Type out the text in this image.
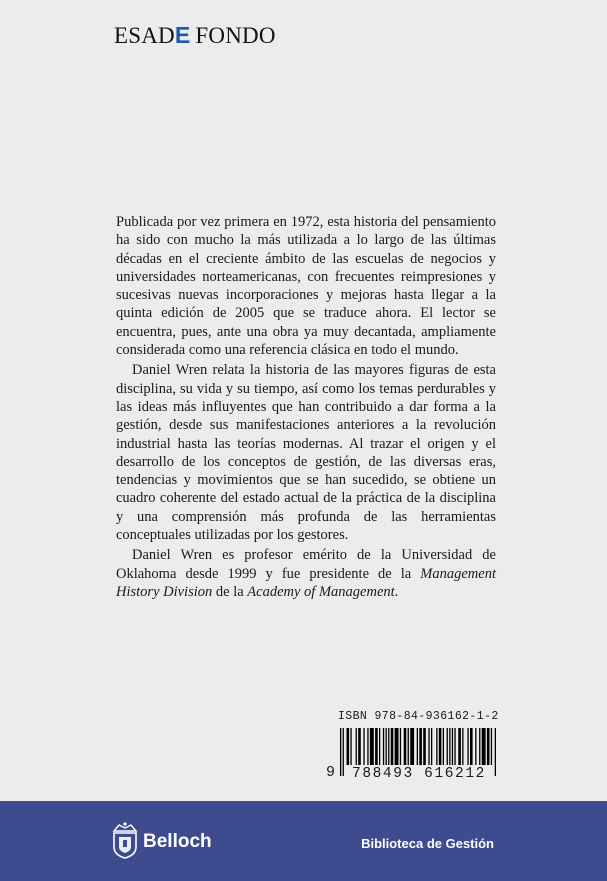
ESADE FONDO

Publicada por vez primera en 1972, esta historia del pensamiento ha sido con mucho la más utilizada a lo largo de las últimas décadas en el creciente ámbito de las escuelas de negocios y universidades norteamericanas, con frecuentes reimpresiones y sucesivas nuevas incorporaciones y mejoras hasta llegar a la quinta edición de 2005 que se traduce ahora. El lector se encuentra, pues, ante una obra ya muy decantada, ampliamente considerada como una referencia clásica en todo el mundo.

Daniel Wren relata la historia de las mayores figuras de esta disciplina, su vida y su tiempo, así como los temas perdurables y las ideas más influyentes que han contribuido a dar forma a la gestión, desde sus manifestaciones anteriores a la revolución industrial hasta las teorías modernas. Al trazar el origen y el desarrollo de los conceptos de gestión, de las diversas eras, tendencias y movimientos que se han sucedido, se obtiene un cuadro coherente del estado actual de la práctica de la disciplina y una comprensión más profunda de las herramientas conceptuales utilizadas por los gestores.

Daniel Wren es profesor emérito de la Universidad de Oklahoma desde 1999 y fue presidente de la Management History Division de la Academy of Management.

ISBN 978-84-936162-1-2
9	788493 616212
Belloch	Biblioteca de Gestión
